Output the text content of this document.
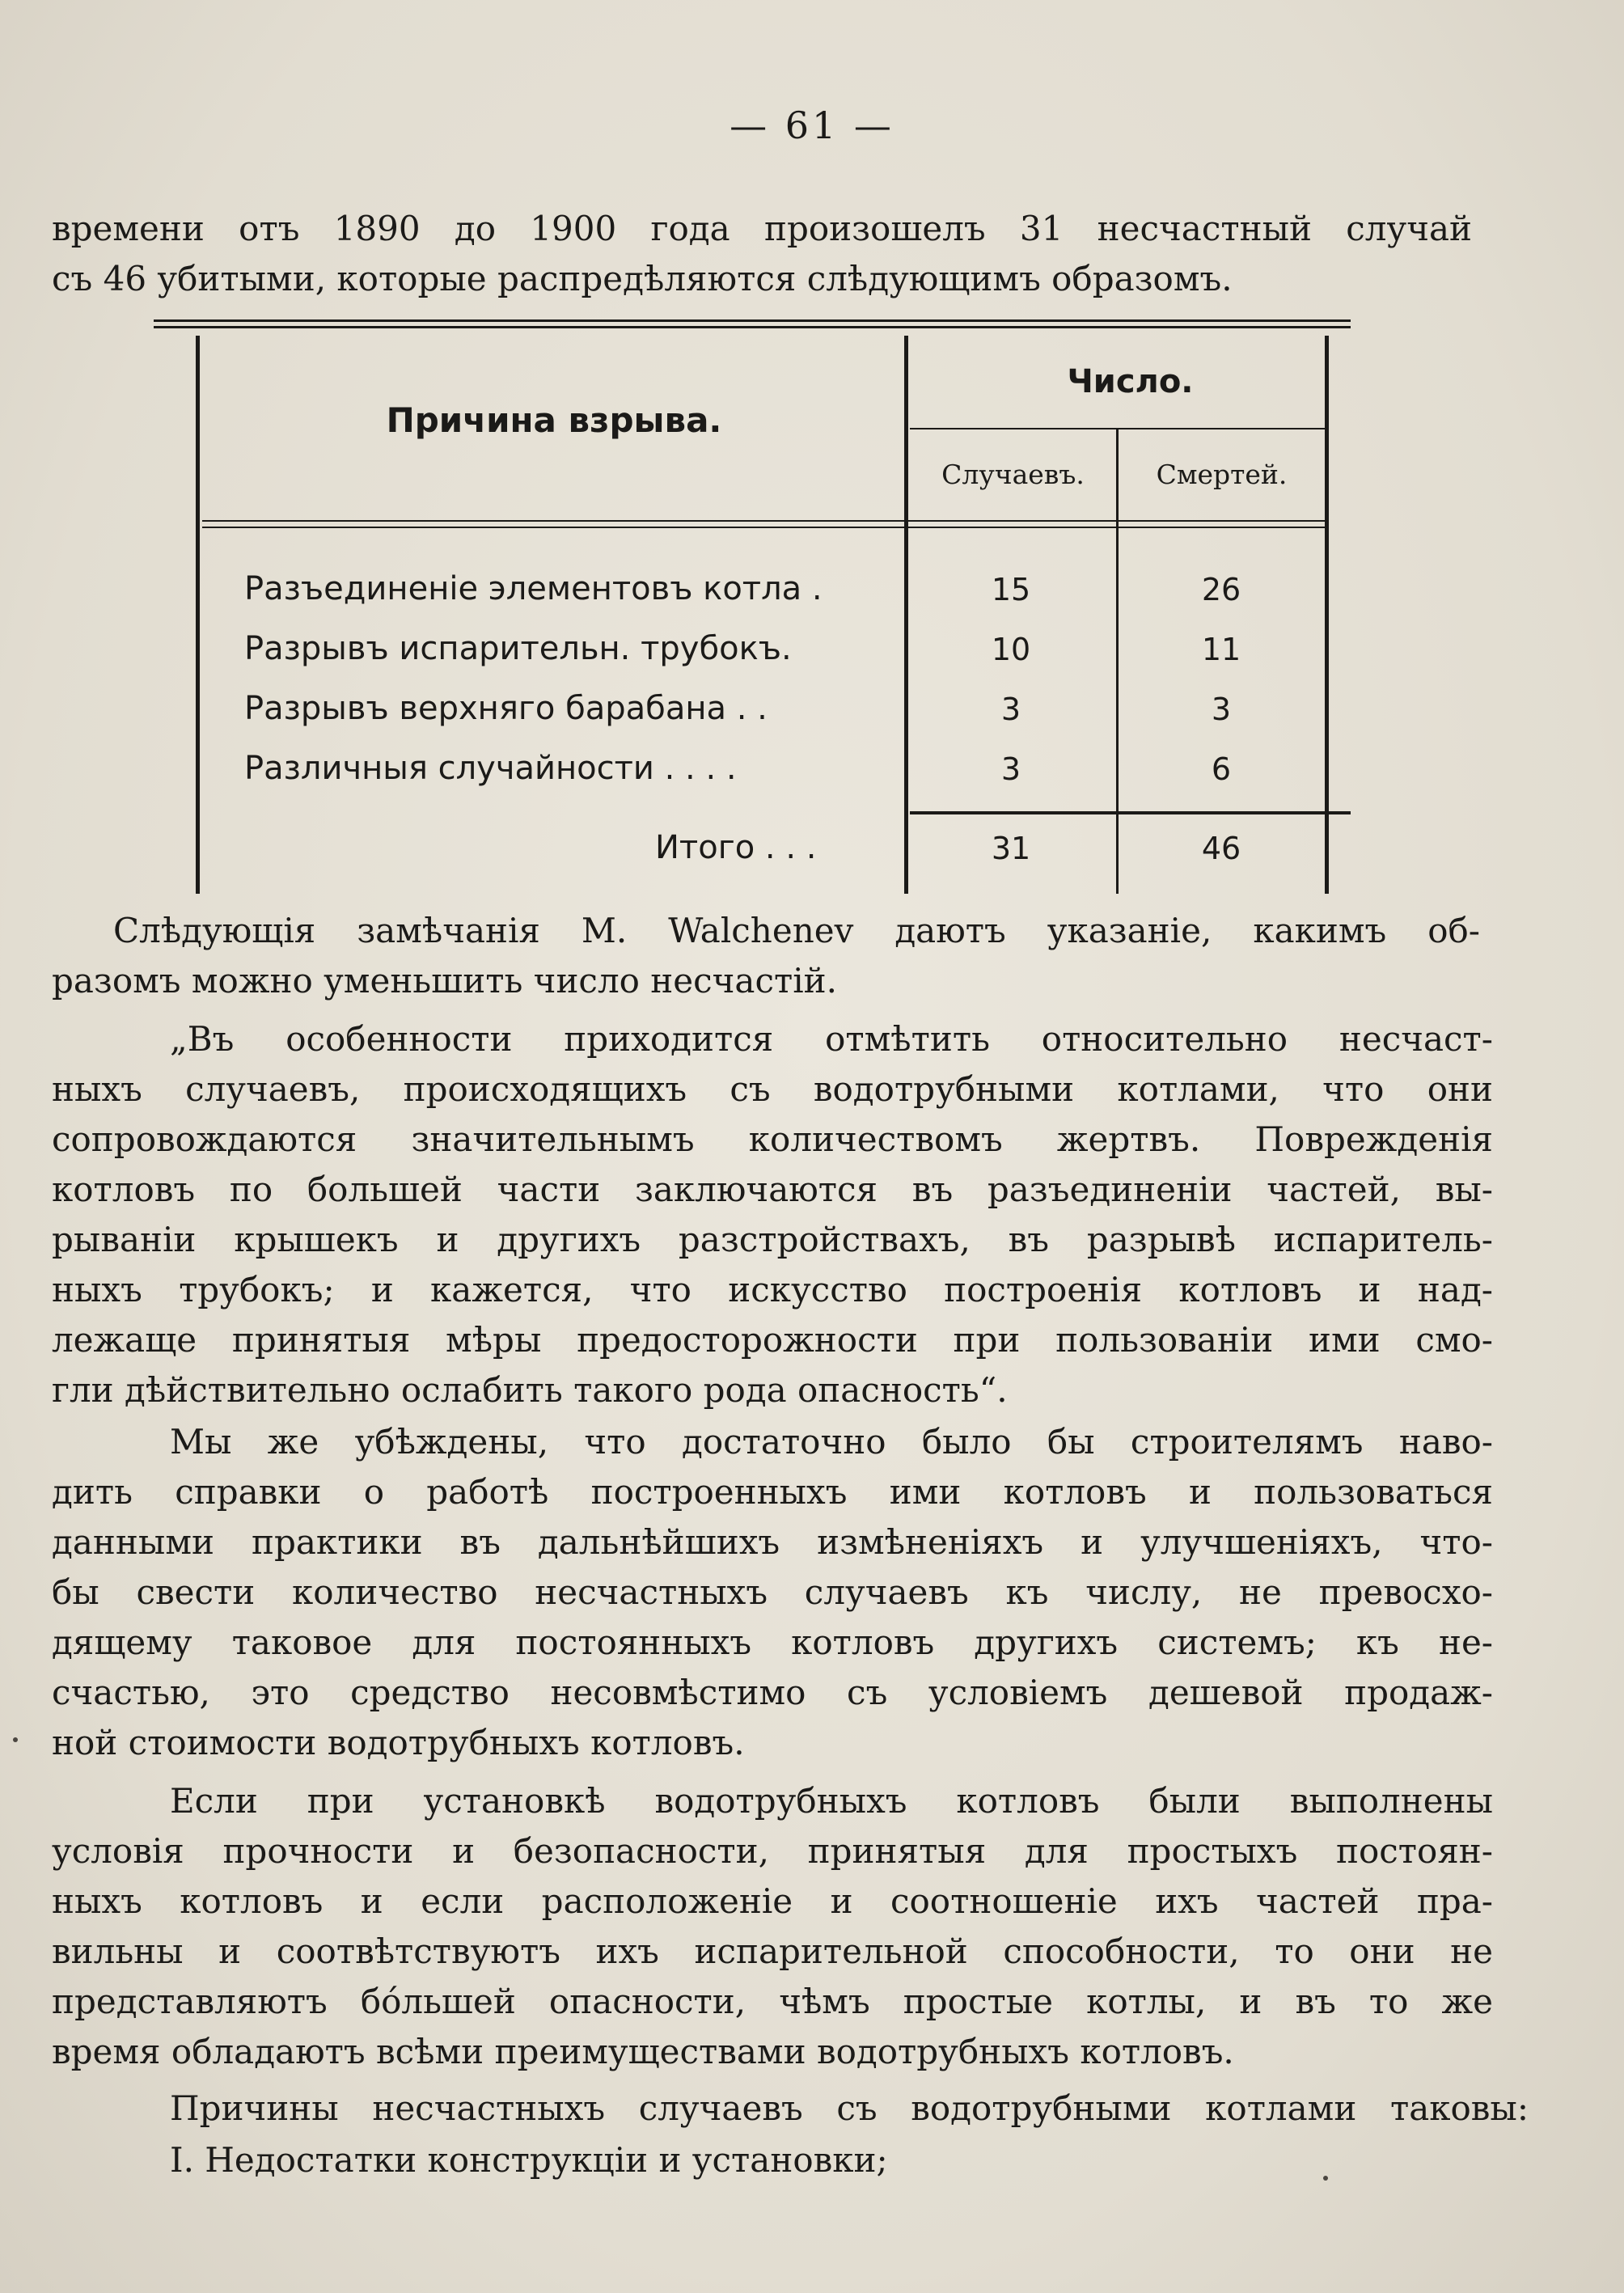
— 61 —
времени отъ 1890 до 1900 года произошелъ 31 несчастный случай
съ 46 убитыми, которые распредѣляются слѣдующимъ образомъ.
Причина взрыва.
Число.
Случаевъ.	Смертей.
Разъединенiе элементовъ котла .	15	26
Разрывъ испарительн. трубокъ.	10	11
Разрывъ верхняго барабана . .	3	3
Различныя случайности . . . .	3	6
Итого . . .	31	46
Слѣдующiя замѣчанiя M. Walchenev даютъ указанiе, какимъ об-
разомъ можно уменьшить число несчастiй.
„Въ особенности приходится отмѣтить относительно несчаст-
ныхъ случаевъ, происходящихъ съ водотрубными котлами, что они
сопровождаются значительнымъ количествомъ жертвъ. Поврежденiя
котловъ по большей части заключаются въ разъединенiи частей, вы-
рыванiи крышекъ и другихъ разстройствахъ, въ разрывѣ испаритель-
ныхъ трубокъ; и кажется, что искусство построенiя котловъ и над-
лежаще принятыя мѣры предосторожности при пользованiи ими смо-
гли дѣйствительно ослабить такого рода опасность“.
Мы же убѣждены, что достаточно было бы строителямъ наво-
дить справки о работѣ построенныхъ ими котловъ и пользоваться
данными практики въ дальнѣйшихъ измѣненiяхъ и улучшенiяхъ, что-
бы свести количество несчастныхъ случаевъ къ числу, не превосхо-
дящему таковое для постоянныхъ котловъ другихъ системъ; къ не-
счастью, это средство несовмѣстимо съ условiемъ дешевой продаж-
ной стоимости водотрубныхъ котловъ.
Если при установкѣ водотрубныхъ котловъ были выполнены
условiя прочности и безопасности, принятыя для простыхъ постоян-
ныхъ котловъ и если расположенiе и соотношенiе ихъ частей пра-
вильны и соотвѣтствуютъ ихъ испарительной способности, то они не
представляютъ бо́льшей опасности, чѣмъ простые котлы, и въ то же
время обладаютъ всѣми преимуществами водотрубныхъ котловъ.
Причины несчастныхъ случаевъ съ водотрубными котлами таковы:
I. Недостатки конструкцiи и установки;
